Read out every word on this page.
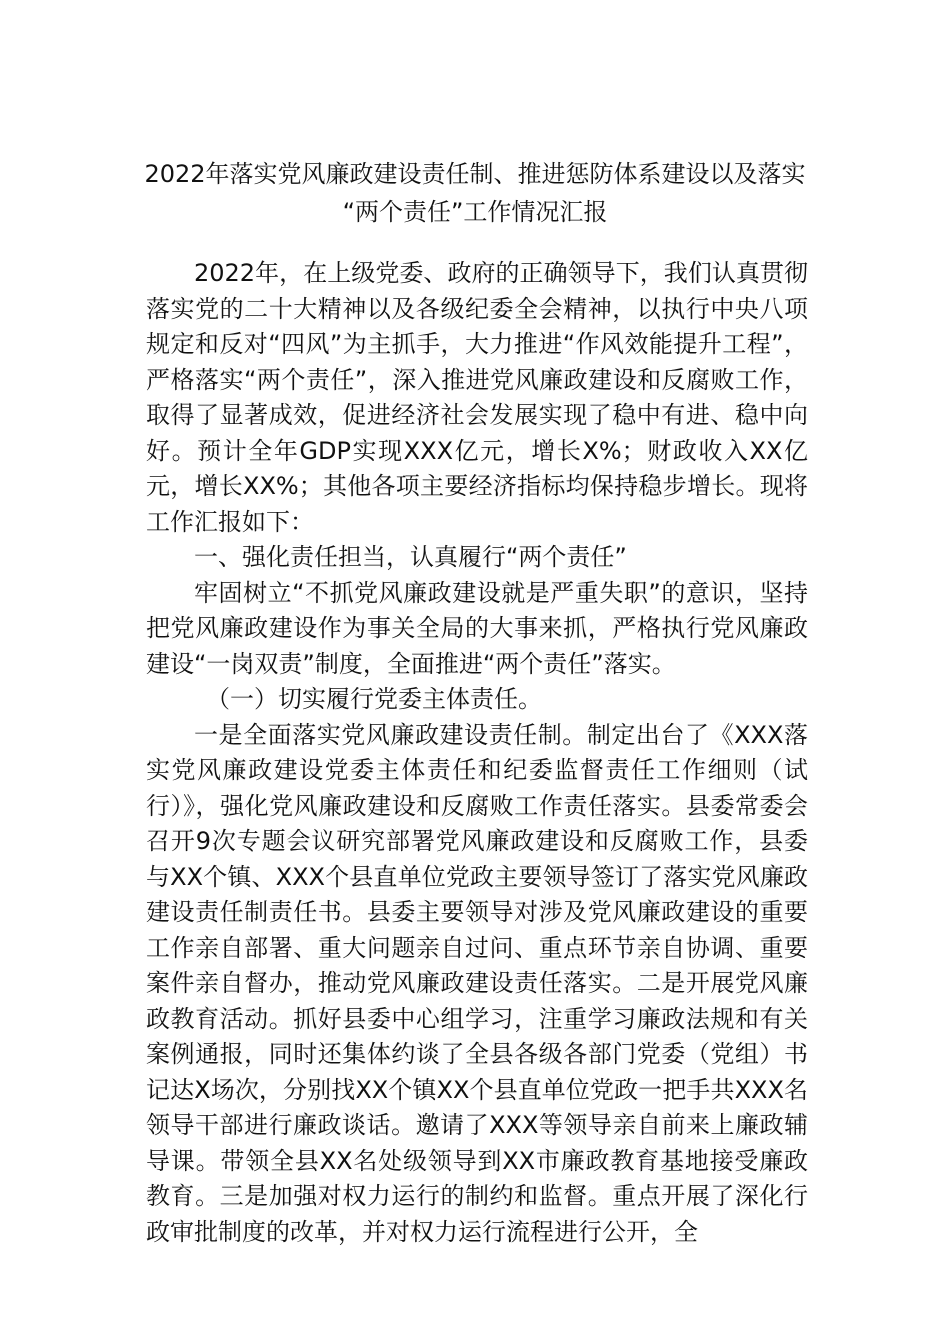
2022年落实党风廉政建设责任制、推进惩防体系建设以及落实
“两个责任”工作情况汇报

2022年，在上级党委、政府的正确领导下，我们认真贯彻落实党的二十大精神以及各级纪委全会精神，以执行中央八项规定和反对“四风”为主抓手，大力推进“作风效能提升工程”，严格落实“两个责任”，深入推进党风廉政建设和反腐败工作，取得了显著成效，促进经济社会发展实现了稳中有进、稳中向好。预计全年GDP实现XXX亿元，增长X%；财政收入XX亿元，增长XX%；其他各项主要经济指标均保持稳步增长。现将工作汇报如下：

一、强化责任担当，认真履行“两个责任”

牢固树立“不抓党风廉政建设就是严重失职”的意识，坚持把党风廉政建设作为事关全局的大事来抓，严格执行党风廉政建设“一岗双责”制度，全面推进“两个责任”落实。

（一）切实履行党委主体责任。

一是全面落实党风廉政建设责任制。制定出台了《XXX落实党风廉政建设党委主体责任和纪委监督责任工作细则（试行）》，强化党风廉政建设和反腐败工作责任落实。县委常委会召开9次专题会议研究部署党风廉政建设和反腐败工作，县委与XX个镇、XXX个县直单位党政主要领导签订了落实党风廉政建设责任制责任书。县委主要领导对涉及党风廉政建设的重要工作亲自部署、重大问题亲自过问、重点环节亲自协调、重要案件亲自督办，推动党风廉政建设责任落实。二是开展党风廉政教育活动。抓好县委中心组学习，注重学习廉政法规和有关案例通报，同时还集体约谈了全县各级各部门党委（党组）书记达X场次，分别找XX个镇XX个县直单位党政一把手共XXX名领导干部进行廉政谈话。邀请了XXX等领导亲自前来上廉政辅导课。带领全县XX名处级领导到XX市廉政教育基地接受廉政教育。三是加强对权力运行的制约和监督。重点开展了深化行政审批制度的改革，并对权力运行流程进行公开，全
